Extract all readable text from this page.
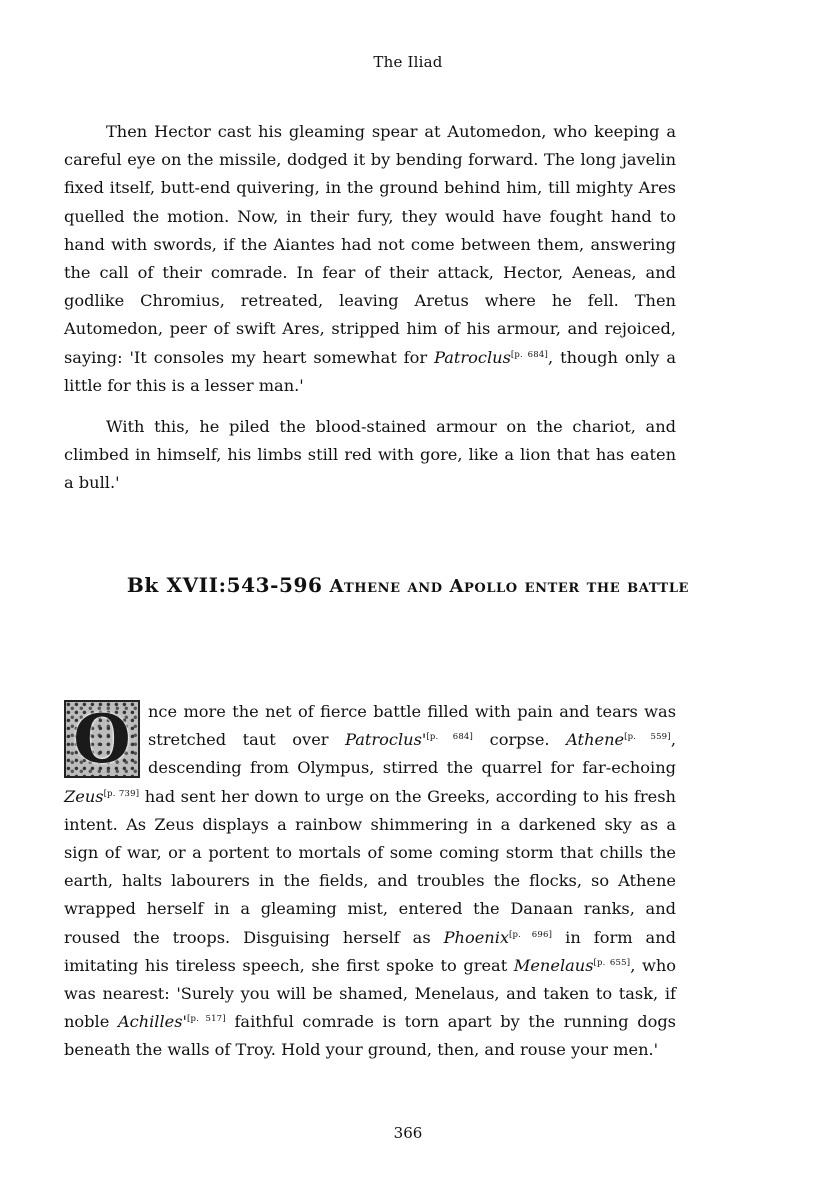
The Iliad

Then Hector cast his gleaming spear at Automedon, who keeping a careful eye on the missile, dodged it by bending forward. The long javelin fixed itself, butt-end quivering, in the ground behind him, till mighty Ares quelled the motion. Now, in their fury, they would have fought hand to hand with swords, if the Aiantes had not come between them, answering the call of their comrade. In fear of their attack, Hector, Aeneas, and godlike Chromius, retreated, leaving Aretus where he fell. Then Automedon, peer of swift Ares, stripped him of his armour, and rejoiced, saying: 'It consoles my heart somewhat for Patroclus[p. 684], though only a little for this is a lesser man.'

With this, he piled the blood-stained armour on the chariot, and climbed in himself, his limbs still red with gore, like a lion that has eaten a bull.'

Bk XVII:543-596 Athene and Apollo enter the battle
O	nce more the net of fierce battle filled with pain and tears was stretched taut over Patroclus'[p. 684] corpse. Athene[p. 559], descending from Olympus, stirred the quarrel for far-echoing Zeus[p. 739] had sent her down to urge on the Greeks, according to his fresh intent. As Zeus displays a rainbow shimmering in a darkened sky as a sign of war, or a portent to mortals of some coming storm that chills the earth, halts labourers in the fields, and troubles the flocks, so Athene wrapped herself in a gleaming mist, entered the Danaan ranks, and roused the troops. Disguising herself as Phoenix[p. 696] in form and imitating his tireless speech, she first spoke to great Menelaus[p. 655], who was nearest: 'Surely you will be shamed, Menelaus, and taken to task, if noble Achilles'[p. 517] faithful comrade is torn apart by the running dogs beneath the walls of Troy. Hold your ground, then, and rouse your men.'

366
